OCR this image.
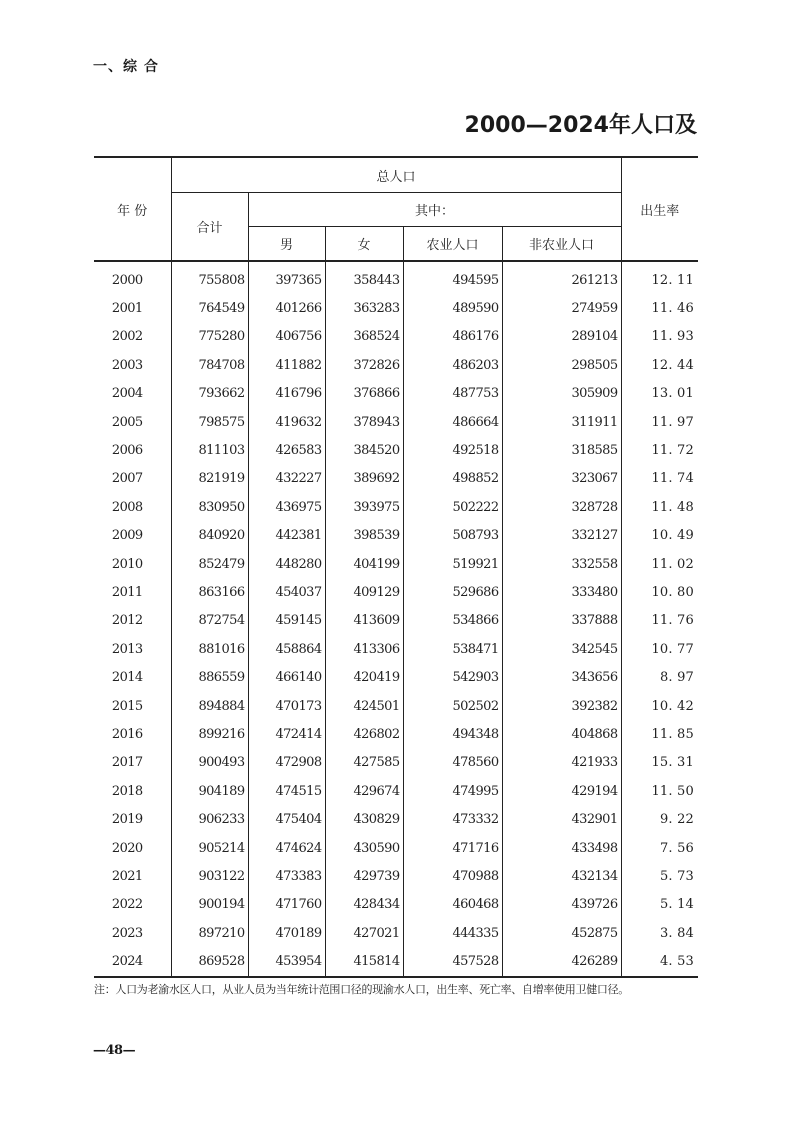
一、综 合
2000—2024年人口及
年 份	总人口					出生率
	合计	其中：				
		男	女	农业人口	非农业人口	
2000	755808	397365	358443	494595	261213	12. 11
2001	764549	401266	363283	489590	274959	11. 46
2002	775280	406756	368524	486176	289104	11. 93
2003	784708	411882	372826	486203	298505	12. 44
2004	793662	416796	376866	487753	305909	13. 01
2005	798575	419632	378943	486664	311911	11. 97
2006	811103	426583	384520	492518	318585	11. 72
2007	821919	432227	389692	498852	323067	11. 74
2008	830950	436975	393975	502222	328728	11. 48
2009	840920	442381	398539	508793	332127	10. 49
2010	852479	448280	404199	519921	332558	11. 02
2011	863166	454037	409129	529686	333480	10. 80
2012	872754	459145	413609	534866	337888	11. 76
2013	881016	458864	413306	538471	342545	10. 77
2014	886559	466140	420419	542903	343656	8. 97
2015	894884	470173	424501	502502	392382	10. 42
2016	899216	472414	426802	494348	404868	11. 85
2017	900493	472908	427585	478560	421933	15. 31
2018	904189	474515	429674	474995	429194	11. 50
2019	906233	475404	430829	473332	432901	9. 22
2020	905214	474624	430590	471716	433498	7. 56
2021	903122	473383	429739	470988	432134	5. 73
2022	900194	471760	428434	460468	439726	5. 14
2023	897210	470189	427021	444335	452875	3. 84
2024	869528	453954	415814	457528	426289	4. 53
注：人口为老渝水区人口，从业人员为当年统计范围口径的现渝水人口，出生率、死亡率、自增率使用卫健口径。
—48—
